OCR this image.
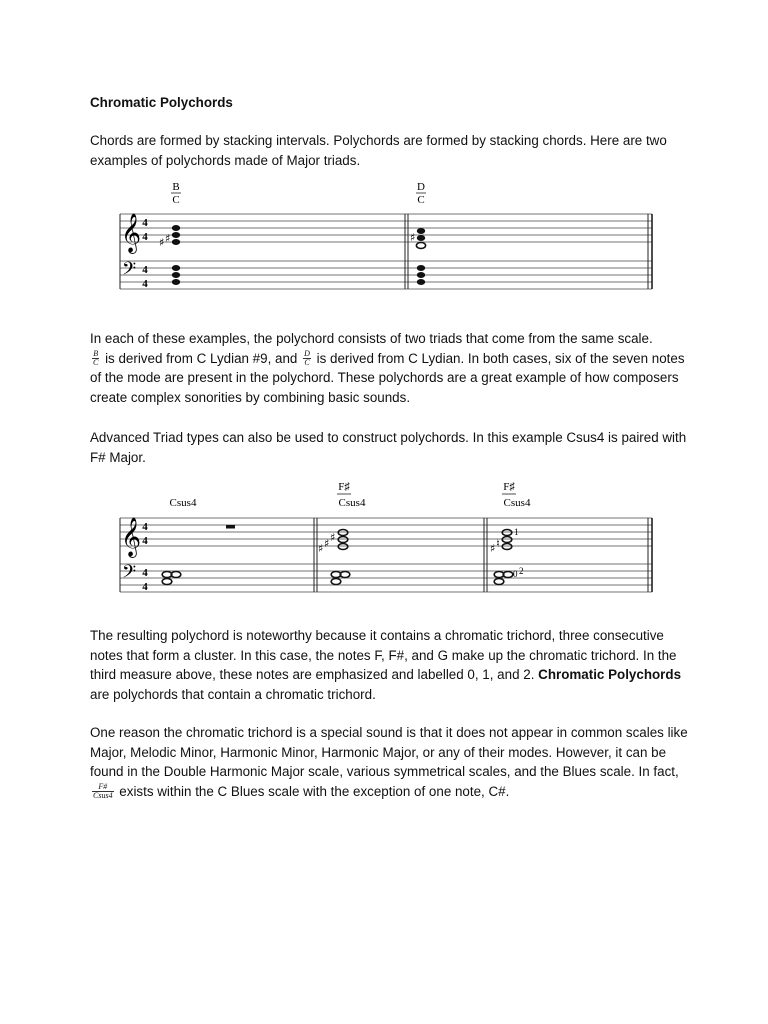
Chromatic Polychords

Chords are formed by stacking intervals. Polychords are formed by stacking chords. Here are two examples of polychords made of Major triads.

B
C
D
C
𝄞
𝄢
4
4
4
4
♯ ♯	♯

In each of these examples, the polychord consists of two triads that come from the same scale.

$\frac{B}{C}$ is derived from C Lydian #9, and $\frac{D}{C}$ is derived from C Lydian. In both cases, six of the seven notes of the mode are present in the polychord. These polychords are a great example of how composers create complex sonorities by combining basic sounds.

Advanced Triad types can also be used to construct polychords. In this example Csus4 is paired with F# Major.

Csus4
F♯
Csus4
F♯
Csus4
𝄞
𝄢
4
4
4
4
♯ ♯ ♯
♯ ♮
1
0 2

The resulting polychord is noteworthy because it contains a chromatic trichord, three consecutive notes that form a cluster. In this case, the notes F, F#, and G make up the chromatic trichord. In the third measure above, these notes are emphasized and labelled 0, 1, and 2. Chromatic Polychords are polychords that contain a chromatic trichord.

One reason the chromatic trichord is a special sound is that it does not appear in common scales like Major, Melodic Minor, Harmonic Minor, Harmonic Major, or any of their modes. However, it can be found in the Double Harmonic Major scale, various symmetrical scales, and the Blues scale. In fact,
$\frac{F\#}{\text{Csus4}}$ exists within the C Blues scale with the exception of one note, C#.
